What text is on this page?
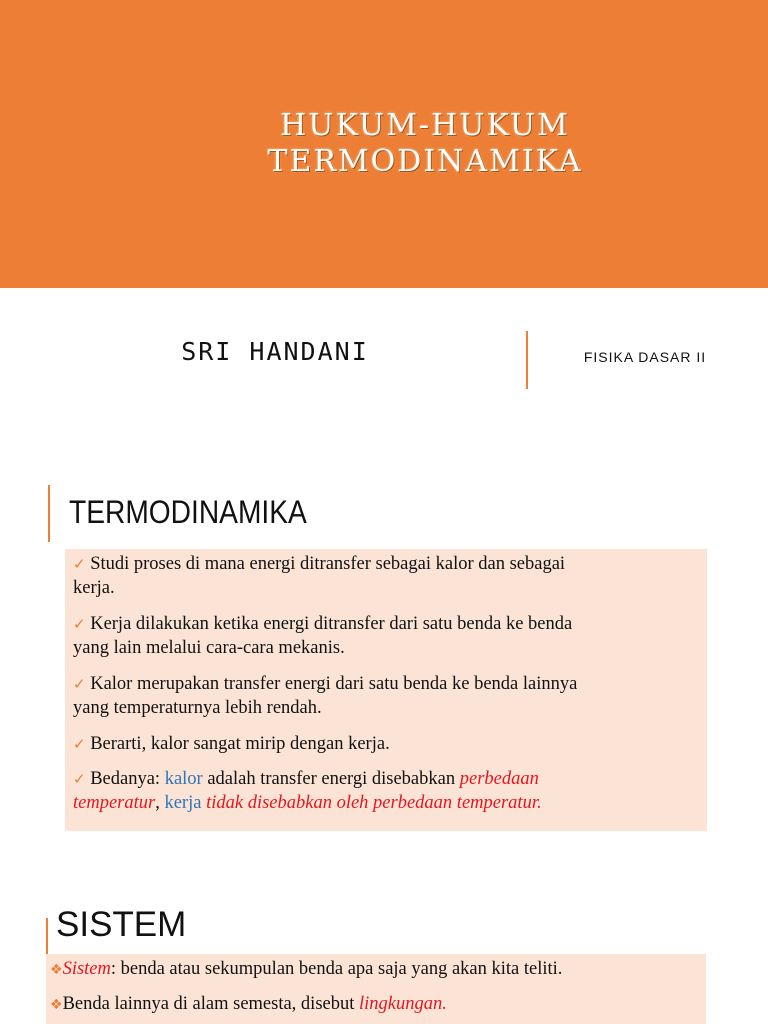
HUKUM-HUKUM
TERMODINAMIKA
SRI HANDANI	FISIKA DASAR II
TERMODINAMIKA
✓ Studi proses di mana energi ditransfer sebagai kalor dan sebagai
kerja.
✓ Kerja dilakukan ketika energi ditransfer dari satu benda ke benda
yang lain melalui cara-cara mekanis.
✓ Kalor merupakan transfer energi dari satu benda ke benda lainnya
yang temperaturnya lebih rendah.
✓ Berarti, kalor sangat mirip dengan kerja.
✓ Bedanya: kalor adalah transfer energi disebabkan perbedaan
temperatur, kerja tidak disebabkan oleh perbedaan temperatur.
SISTEM
❖Sistem: benda atau sekumpulan benda apa saja yang akan kita teliti.
❖Benda lainnya di alam semesta, disebut lingkungan.
